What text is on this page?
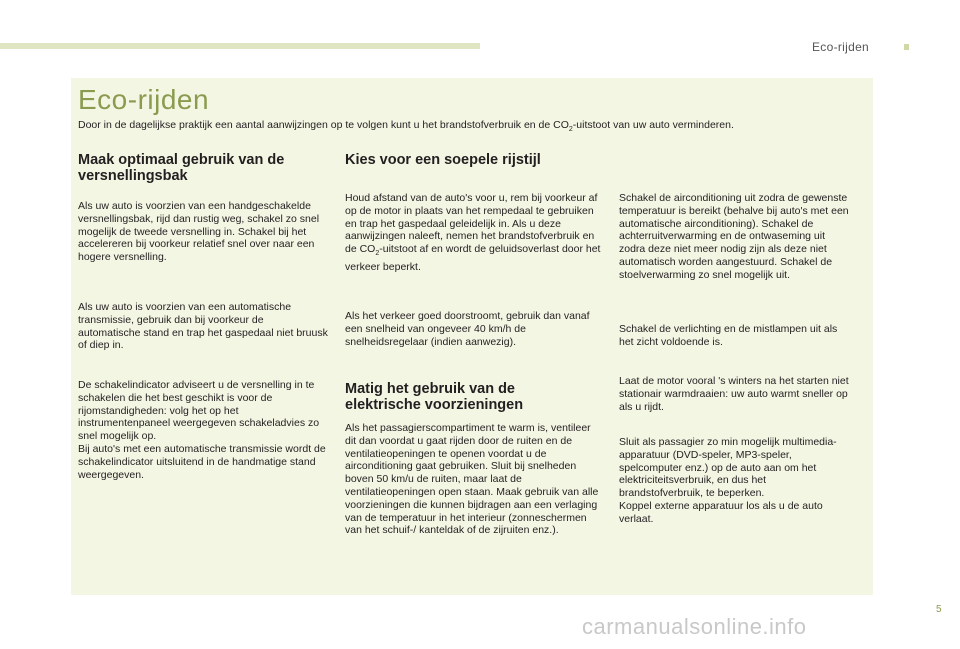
Eco-rijden
Eco-rijden

Door in de dagelijkse praktijk een aantal aanwijzingen op te volgen kunt u het brandstofverbruik en de $CO_2$-uitstoot van uw auto verminderen.

Maak optimaal gebruik van de
versnellingsbak

Als uw auto is voorzien van een handgeschakelde versnellingsbak, rijd dan rustig weg, schakel zo snel mogelijk de tweede versnelling in. Schakel bij het accelereren bij voorkeur relatief snel over naar een hogere versnelling.

Als uw auto is voorzien van een automatische transmissie, gebruik dan bij voorkeur de automatische stand en trap het gaspedaal niet bruusk of diep in.

De schakelindicator adviseert u de versnelling in te schakelen die het best geschikt is voor de rijomstandigheden: volg het op het instrumentenpaneel weergegeven schakeladvies zo snel mogelijk op.
Bij auto's met een automatische transmissie wordt de schakelindicator uitsluitend in de handmatige stand weergegeven.

Kies voor een soepele rijstijl

Houd afstand van de auto's voor u, rem bij voorkeur af op de motor in plaats van het rempedaal te gebruiken en trap het gaspedaal geleidelijk in. Als u deze aanwijzingen naleeft, nemen het brandstofverbruik en de $CO_2$-uitstoot af en wordt de geluidsoverlast door het verkeer beperkt.

Als het verkeer goed doorstroomt, gebruik dan vanaf een snelheid van ongeveer 40 km/h de snelheidsregelaar (indien aanwezig).

Matig het gebruik van de
elektrische voorzieningen

Als het passagierscompartiment te warm is, ventileer dit dan voordat u gaat rijden door de ruiten en de ventilatieopeningen te openen voordat u de airconditioning gaat gebruiken. Sluit bij snelheden boven 50 km/u de ruiten, maar laat de ventilatieopeningen open staan. Maak gebruik van alle voorzieningen die kunnen bijdragen aan een verlaging van de temperatuur in het interieur (zonneschermen van het schuif-/ kanteldak of de zijruiten enz.).

Schakel de airconditioning uit zodra de gewenste temperatuur is bereikt (behalve bij auto's met een automatische airconditioning). Schakel de achterruitverwarming en de ontwaseming uit zodra deze niet meer nodig zijn als deze niet automatisch worden aangestuurd. Schakel de stoelverwarming zo snel mogelijk uit.

Schakel de verlichting en de mistlampen uit als het zicht voldoende is.

Laat de motor vooral 's winters na het starten niet stationair warmdraaien: uw auto warmt sneller op als u rijdt.

Sluit als passagier zo min mogelijk multimedia-apparatuur (DVD-speler, MP3-speler, spelcomputer enz.) op de auto aan om het elektriciteitsverbruik, en dus het brandstofverbruik, te beperken.
Koppel externe apparatuur los als u de auto verlaat.

5
carmanualsonline.info
